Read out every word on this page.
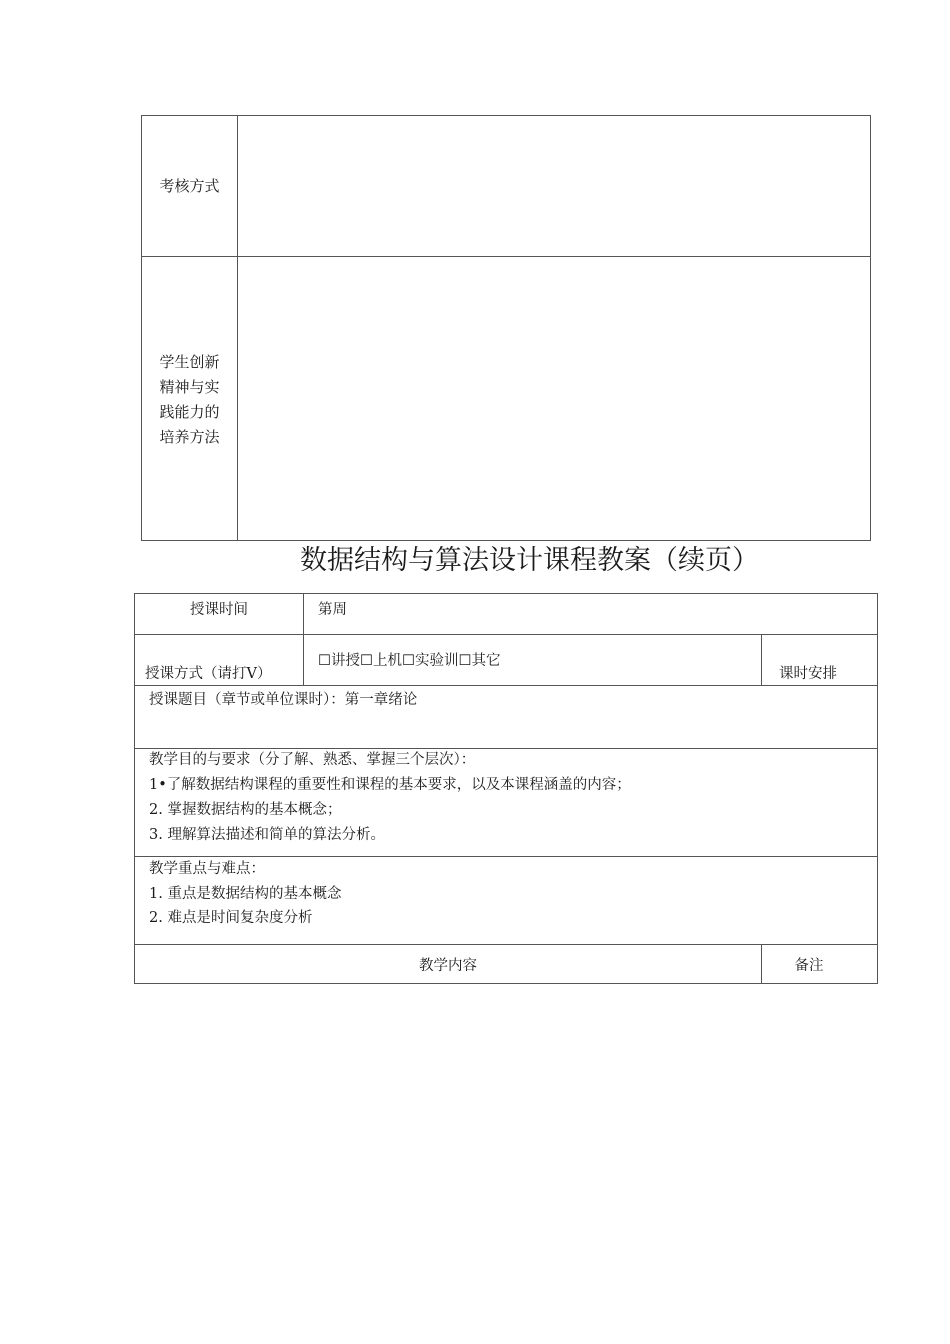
考核方式
学生创新
精神与实
践能力的
培养方法
数据结构与算法设计课程教案（续页）
授课时间	第周
授课方式（请打V）
☐讲授☐上机☐实验训☐其它
课时安排
授课题目（章节或单位课时）：第一章绪论
教学目的与要求（分了解、熟悉、掌握三个层次）：
1•了解数据结构课程的重要性和课程的基本要求，以及本课程涵盖的内容；
2. 掌握数据结构的基本概念；
3. 理解算法描述和简单的算法分析。
教学重点与难点：
1. 重点是数据结构的基本概念
2. 难点是时间复杂度分析
教学内容	备注
